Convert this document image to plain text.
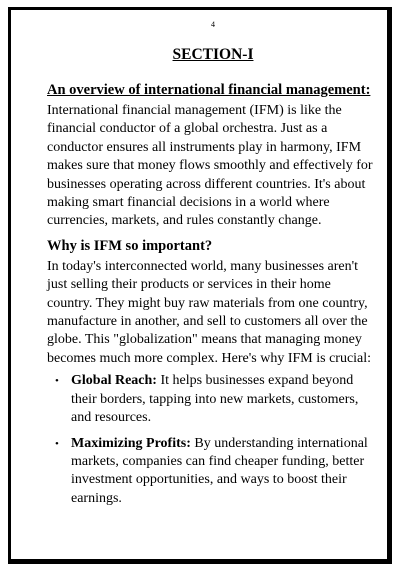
4

SECTION-I
An overview of international financial management:

International financial management (IFM) is like the financial conductor of a global orchestra. Just as a conductor ensures all instruments play in harmony, IFM makes sure that money flows smoothly and effectively for businesses operating across different countries. It's about making smart financial decisions in a world where currencies, markets, and rules constantly change.

Why is IFM so important?

In today's interconnected world, many businesses aren't just selling their products or services in their home country. They might buy raw materials from one country, manufacture in another, and sell to customers all over the globe. This "globalization" means that managing money becomes much more complex. Here's why IFM is crucial:

• Global Reach: It helps businesses expand beyond their borders, tapping into new markets, customers, and resources.
• Maximizing Profits: By understanding international markets, companies can find cheaper funding, better investment opportunities, and ways to boost their earnings.
